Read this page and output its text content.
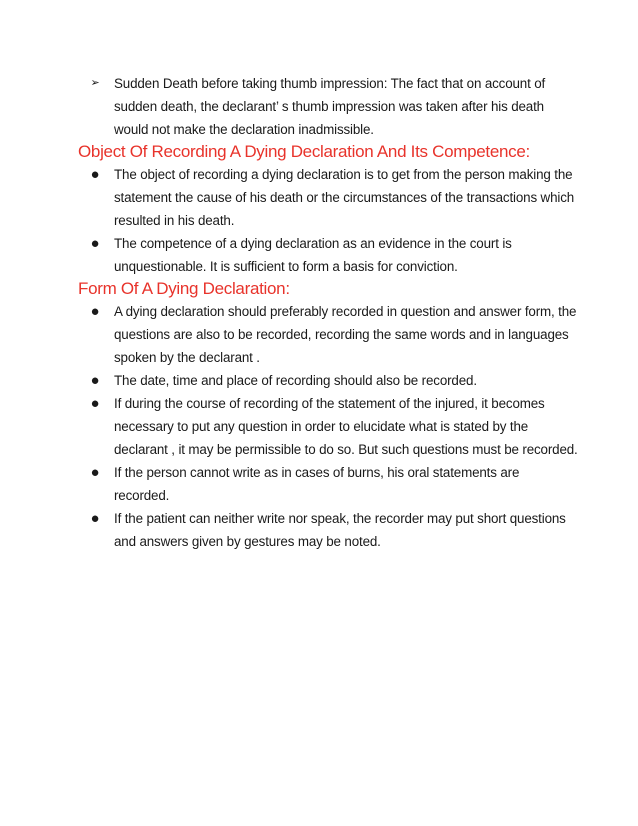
➢ Sudden Death before taking thumb impression: The fact that on account of sudden death, the declarant’ s thumb impression was taken after his death would not make the declaration inadmissible.
Object Of Recording A Dying Declaration And Its Competence:
● The object of recording a dying declaration is to get from the person making the statement the cause of his death or the circumstances of the transactions which resulted in his death.
● The competence of a dying declaration as an evidence in the court is unquestionable. It is sufficient to form a basis for conviction.
Form Of A Dying Declaration:
● A dying declaration should preferably recorded in question and answer form, the questions are also to be recorded, recording the same words and in languages spoken by the declarant .
● The date, time and place of recording should also be recorded.
● If during the course of recording of the statement of the injured, it becomes necessary to put any question in order to elucidate what is stated by the declarant , it may be permissible to do so. But such questions must be recorded.
● If the person cannot write as in cases of burns, his oral statements are recorded.
● If the patient can neither write nor speak, the recorder may put short questions and answers given by gestures may be noted.
